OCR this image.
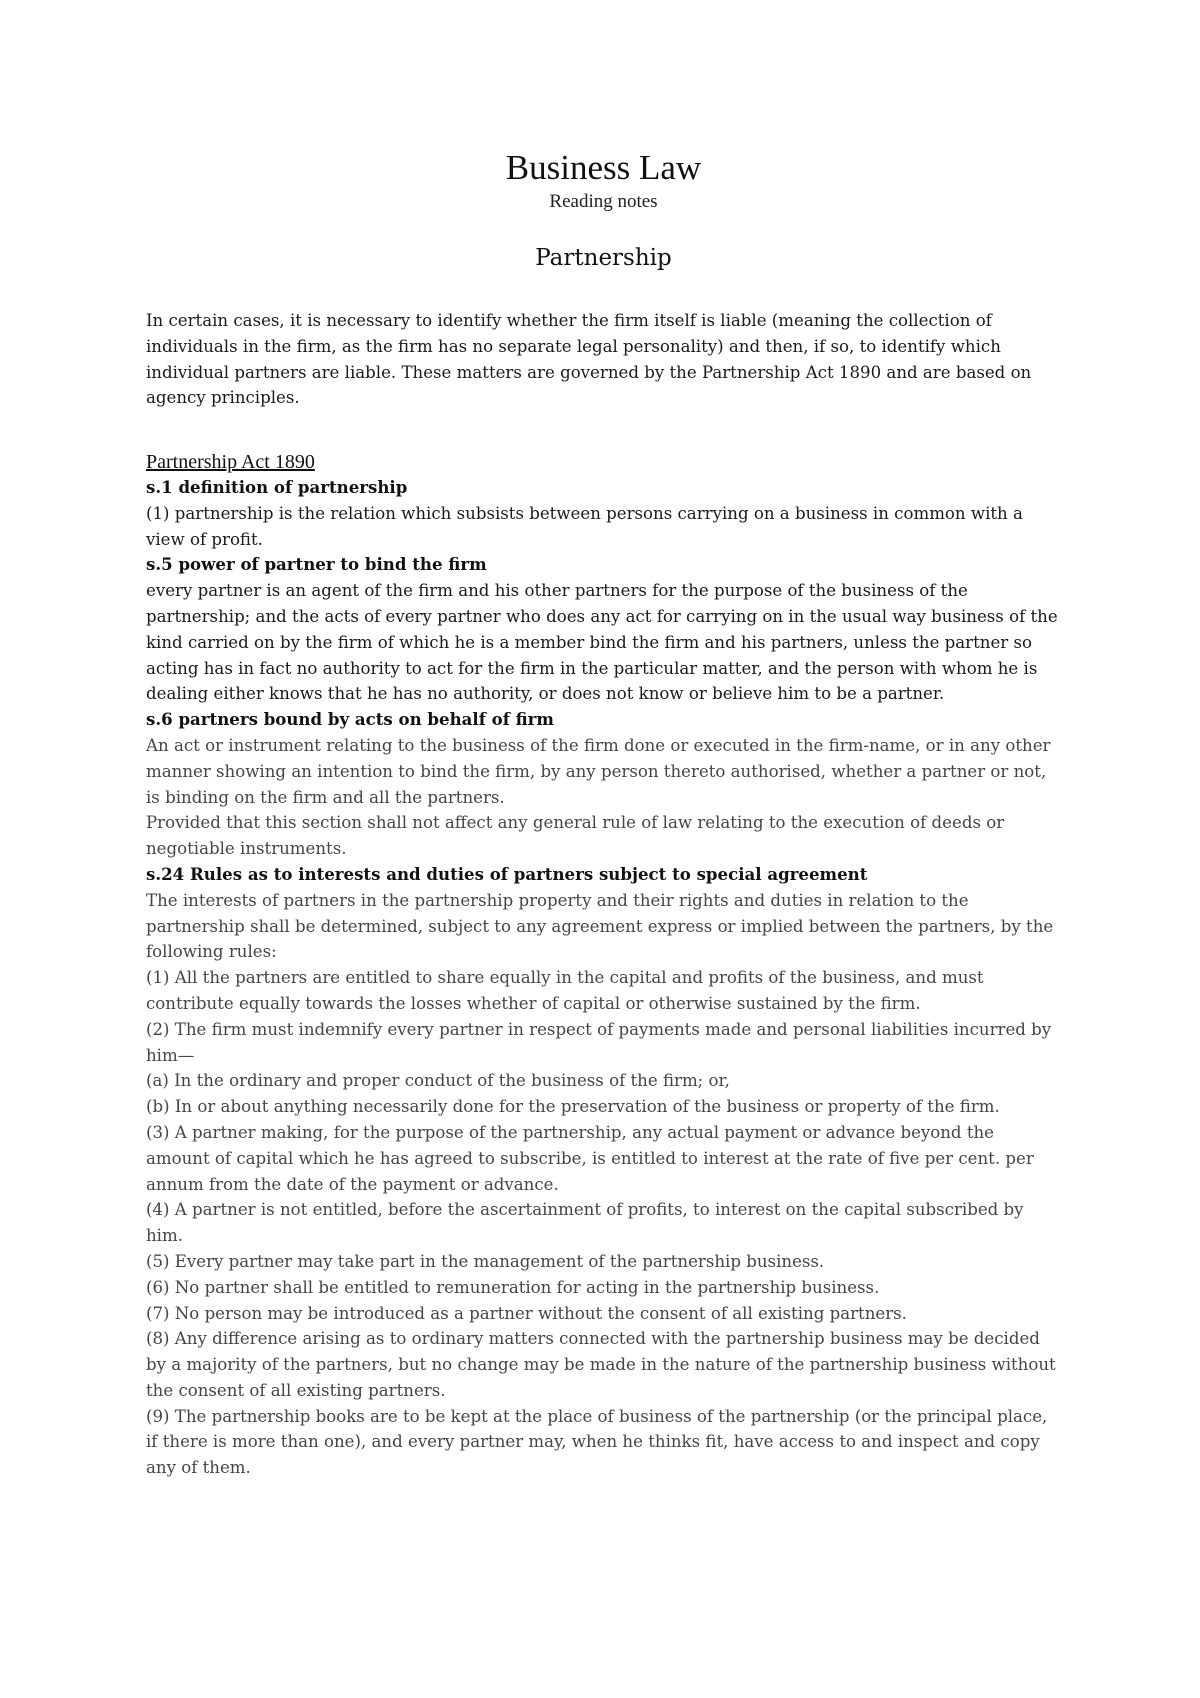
Business Law
Reading notes
Partnership

In certain cases, it is necessary to identify whether the firm itself is liable (meaning the collection of individuals in the firm, as the firm has no separate legal personality) and then, if so, to identify which individual partners are liable. These matters are governed by the Partnership Act 1890 and are based on agency principles.

Partnership Act 1890

s.1 definition of partnership

(1) partnership is the relation which subsists between persons carrying on a business in common with a view of profit.

s.5 power of partner to bind the firm

every partner is an agent of the firm and his other partners for the purpose of the business of the partnership; and the acts of every partner who does any act for carrying on in the usual way business of the kind carried on by the firm of which he is a member bind the firm and his partners, unless the partner so acting has in fact no authority to act for the firm in the particular matter, and the person with whom he is dealing either knows that he has no authority, or does not know or believe him to be a partner.

s.6 partners bound by acts on behalf of firm

An act or instrument relating to the business of the firm done or executed in the firm-name, or in any other manner showing an intention to bind the firm, by any person thereto authorised, whether a partner or not, is binding on the firm and all the partners.

Provided that this section shall not affect any general rule of law relating to the execution of deeds or negotiable instruments.

s.24 Rules as to interests and duties of partners subject to special agreement

The interests of partners in the partnership property and their rights and duties in relation to the partnership shall be determined, subject to any agreement express or implied between the partners, by the following rules:

(1) All the partners are entitled to share equally in the capital and profits of the business, and must contribute equally towards the losses whether of capital or otherwise sustained by the firm.

(2) The firm must indemnify every partner in respect of payments made and personal liabilities incurred by him—

(a) In the ordinary and proper conduct of the business of the firm; or,

(b) In or about anything necessarily done for the preservation of the business or property of the firm.

(3) A partner making, for the purpose of the partnership, any actual payment or advance beyond the amount of capital which he has agreed to subscribe, is entitled to interest at the rate of five per cent. per annum from the date of the payment or advance.

(4) A partner is not entitled, before the ascertainment of profits, to interest on the capital subscribed by him.

(5) Every partner may take part in the management of the partnership business.

(6) No partner shall be entitled to remuneration for acting in the partnership business.

(7) No person may be introduced as a partner without the consent of all existing partners.

(8) Any difference arising as to ordinary matters connected with the partnership business may be decided by a majority of the partners, but no change may be made in the nature of the partnership business without the consent of all existing partners.

(9) The partnership books are to be kept at the place of business of the partnership (or the principal place, if there is more than one), and every partner may, when he thinks fit, have access to and inspect and copy any of them.
